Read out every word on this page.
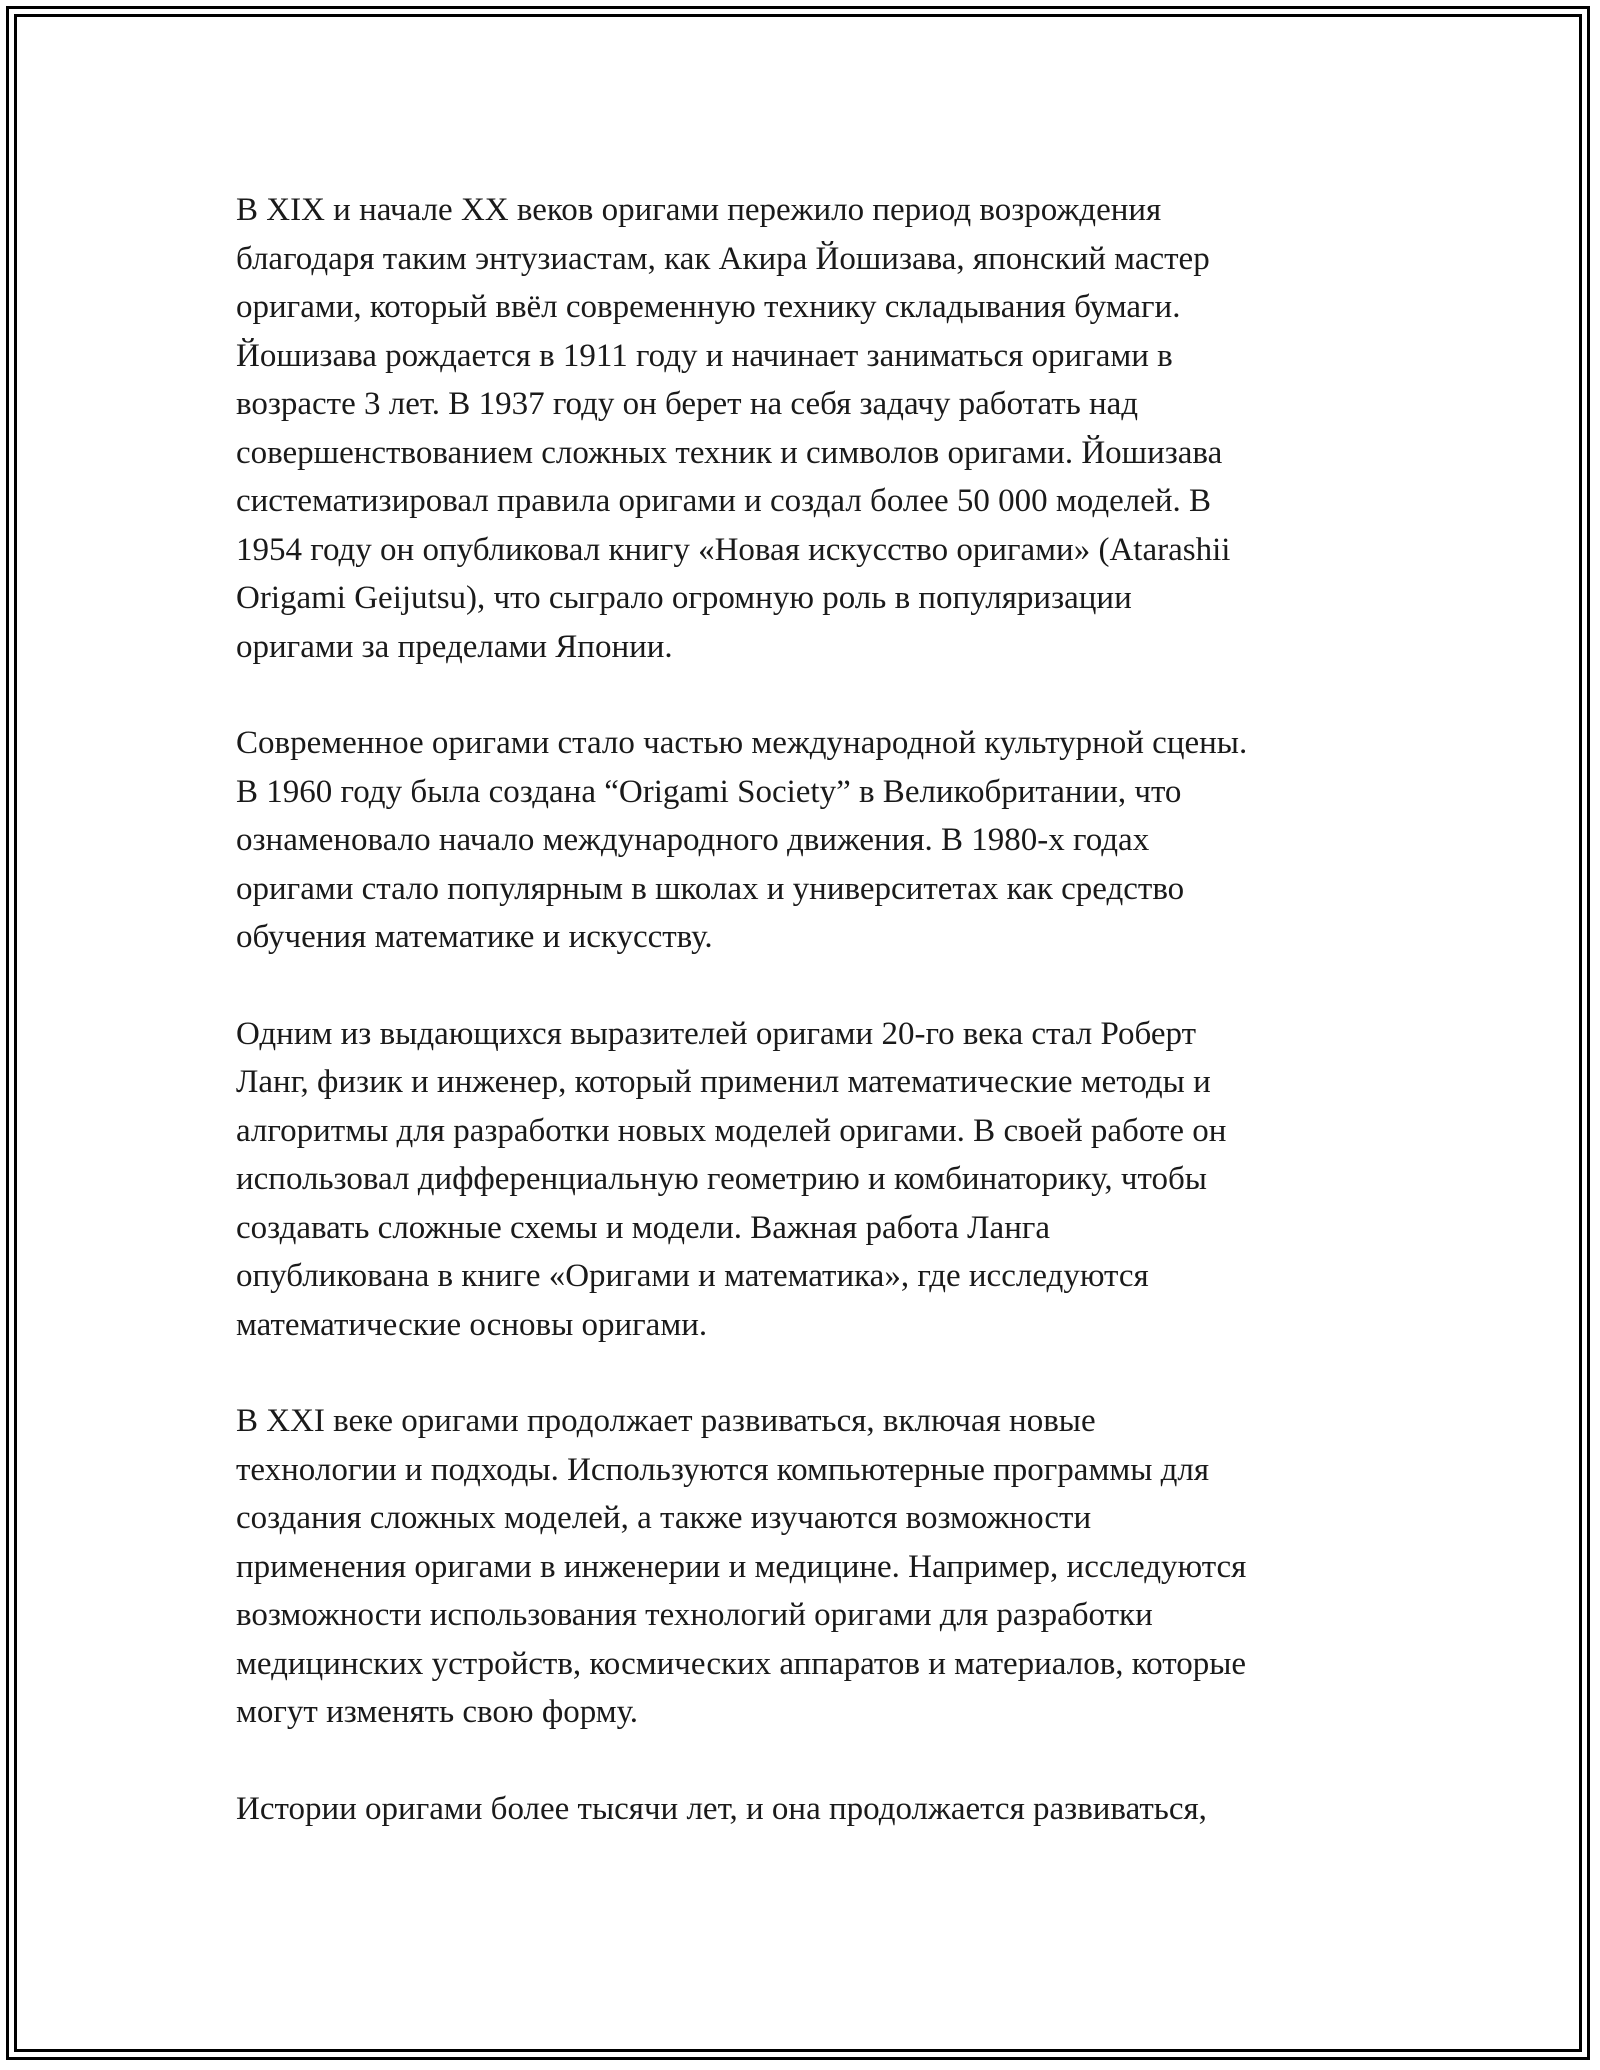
В XIX и начале XX веков оригами пережило период возрождения
благодаря таким энтузиастам, как Акира Йошизава, японский мастер
оригами, который ввёл современную технику складывания бумаги.
Йошизава рождается в 1911 году и начинает заниматься оригами в
возрасте 3 лет. В 1937 году он берет на себя задачу работать над
совершенствованием сложных техник и символов оригами. Йошизава
систематизировал правила оригами и создал более 50 000 моделей. В
1954 году он опубликовал книгу «Новая искусство оригами» (Atarashii
Origami Geijutsu), что сыграло огромную роль в популяризации
оригами за пределами Японии.
Современное оригами стало частью международной культурной сцены.
В 1960 году была создана “Origami Society” в Великобритании, что
ознаменовало начало международного движения. В 1980-х годах
оригами стало популярным в школах и университетах как средство
обучения математике и искусству.
Одним из выдающихся выразителей оригами 20-го века стал Роберт
Ланг, физик и инженер, который применил математические методы и
алгоритмы для разработки новых моделей оригами. В своей работе он
использовал дифференциальную геометрию и комбинаторику, чтобы
создавать сложные схемы и модели. Важная работа Ланга
опубликована в книге «Оригами и математика», где исследуются
математические основы оригами.
В XXI веке оригами продолжает развиваться, включая новые
технологии и подходы. Используются компьютерные программы для
создания сложных моделей, а также изучаются возможности
применения оригами в инженерии и медицине. Например, исследуются
возможности использования технологий оригами для разработки
медицинских устройств, космических аппаратов и материалов, которые
могут изменять свою форму.
Истории оригами более тысячи лет, и она продолжается развиваться,
